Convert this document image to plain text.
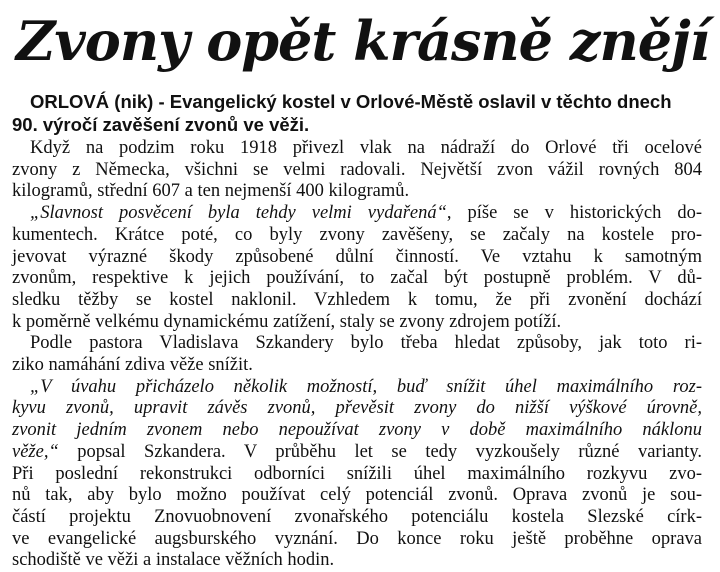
Zvony opět krásně znějí
ORLOVÁ (nik) - Evangelický kostel v Orlové-Městě oslavil v těchto dnech
90. výročí zavěšení zvonů ve věži.
Když na podzim roku 1918 přivezl vlak na nádraží do Orlové tři ocelové
zvony z Německa, všichni se velmi radovali. Největší zvon vážil rovných 804
kilogramů, střední 607 a ten nejmenší 400 kilogramů.
„Slavnost posvěcení byla tehdy velmi vydařená“, píše se v historických do-
kumentech. Krátce poté, co byly zvony zavěšeny, se začaly na kostele pro-
jevovat výrazné škody způsobené důlní činností. Ve vztahu k samotným
zvonům, respektive k jejich používání, to začal být postupně problém. V dů-
sledku těžby se kostel naklonil. Vzhledem k tomu, že při zvonění dochází
k poměrně velkému dynamickému zatížení, staly se zvony zdrojem potíží.
Podle pastora Vladislava Szkandery bylo třeba hledat způsoby, jak toto ri-
ziko namáhání zdiva věže snížit.
„V úvahu přicházelo několik možností, buď snížit úhel maximálního roz-
kyvu zvonů, upravit závěs zvonů, převěsit zvony do nižší výškové úrovně,
zvonit jedním zvonem nebo nepoužívat zvony v době maximálního náklonu
věže,“ popsal Szkandera. V průběhu let se tedy vyzkoušely různé varianty.
Při poslední rekonstrukci odborníci snížili úhel maximálního rozkyvu zvo-
nů tak, aby bylo možno používat celý potenciál zvonů. Oprava zvonů je sou-
částí projektu Znovuobnovení zvonařského potenciálu kostela Slezské círk-
ve evangelické augsburského vyznání. Do konce roku ještě proběhne oprava
schodiště ve věži a instalace věžních hodin.
